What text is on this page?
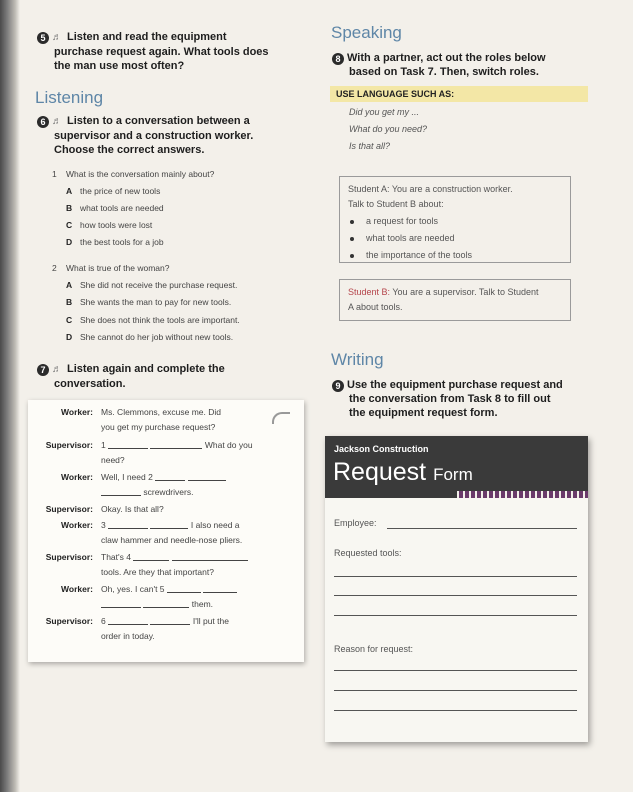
5 ♬ Listen and read the equipment
purchase request again. What tools does
the man use most often?
Listening
6 ♬ Listen to a conversation between a
supervisor and a construction worker.
Choose the correct answers.
1 What is the conversation mainly about?
A the price of new tools
B what tools are needed
C how tools were lost
D the best tools for a job
2 What is true of the woman?
A She did not receive the purchase request.
B She wants the man to pay for new tools.
C She does not think the tools are important.
D She cannot do her job without new tools.
7 ♬ Listen again and complete the
conversation.
Worker: Ms. Clemmons, excuse me. Did
you get my purchase request?
Supervisor: 1	What do you
need?
Worker: Well, I need 2
screwdrivers.
Supervisor: Okay. Is that all?
Worker: 3	I also need a
claw hammer and needle-nose pliers.
Supervisor: That's 4
tools. Are they that important?
Worker: Oh, yes. I can't 5
them.
Supervisor: 6	I'll put the
order in today.
Speaking
8 With a partner, act out the roles below
based on Task 7. Then, switch roles.
USE LANGUAGE SUCH AS:
Did you get my ...
What do you need?
Is that all?
Student A: You are a construction worker.
Talk to Student B about:
a request for tools
what tools are needed
the importance of the tools
Student B: You are a supervisor. Talk to Student
A about tools.
Writing
9 Use the equipment purchase request and
the conversation from Task 8 to fill out
the equipment request form.
Jackson Construction
Request Form
Employee:
Requested tools:
Reason for request:
